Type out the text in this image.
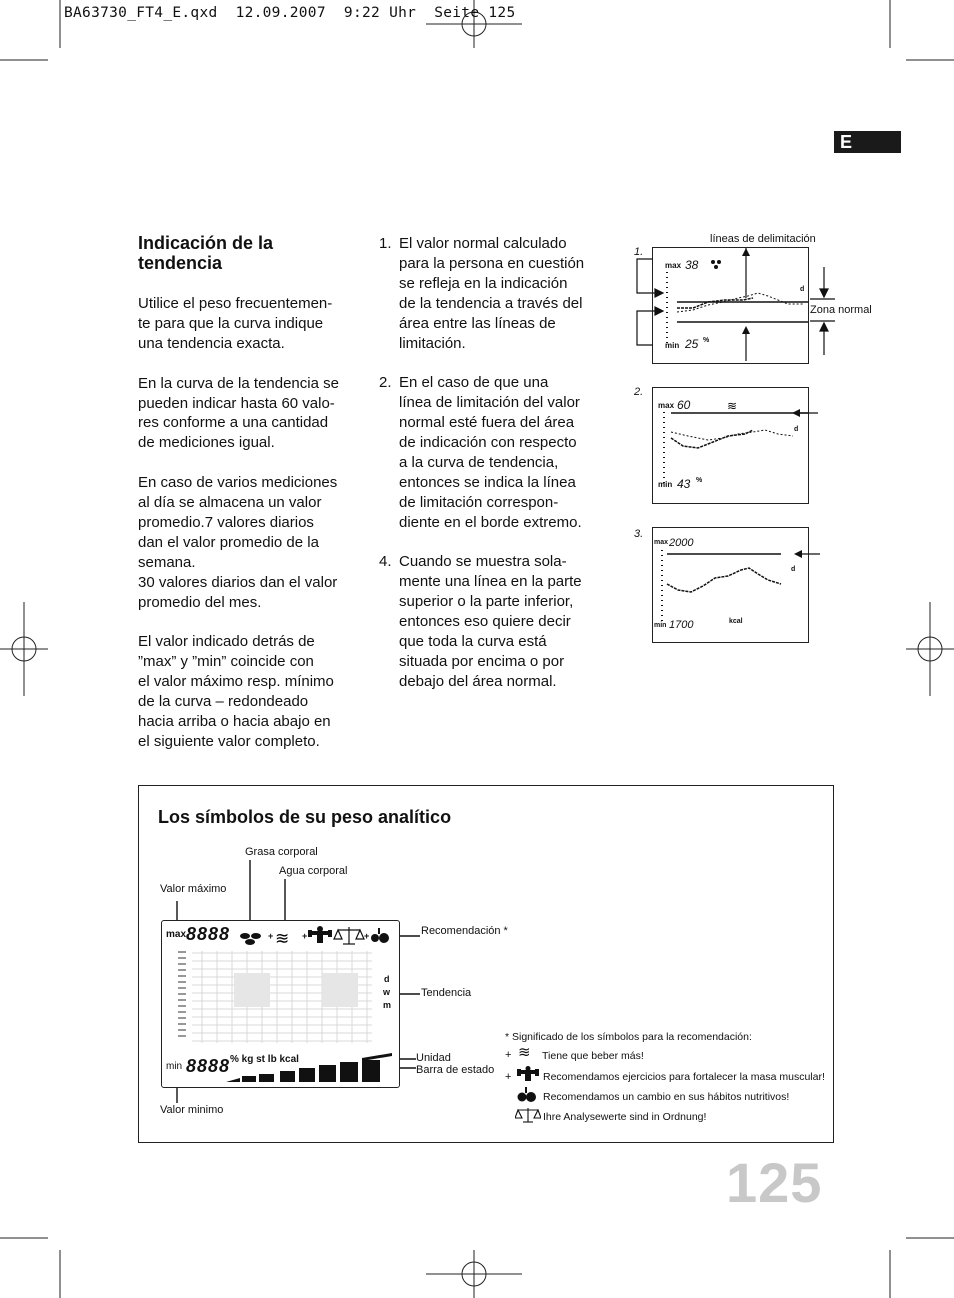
BA63730_FT4_E.qxd  12.09.2007  9:22 Uhr  Seite 125
E
Indicación de la
tendencia

Utilice el peso frecuentemen-
te para que la curva indique
una tendencia exacta.

En la curva de la tendencia se
pueden indicar hasta 60 valo-
res conforme a una cantidad
de mediciones igual.

En caso de varios mediciones
al día se almacena un valor
promedio.7 valores diarios
dan el valor promedio de la
semana.
30 valores diarios dan el valor
promedio del mes.

El valor indicado detrás de
”max” y ”min” coincide con
el valor máximo resp. mínimo
de la curva – redondeado
hacia arriba o hacia abajo en
el siguiente valor completo.

1. El valor normal calculado
para la persona en cuestión
se refleja en la indicación
de la tendencia a través del
área entre las líneas de
limitación.
2. En el caso de que una
línea de limitación del valor
normal esté fuera del área
de indicación con respecto
a la curva de tendencia,
entonces se indica la línea
de limitación correspon-
diente en el borde extremo.
4. Cuando se muestra sola-
mente una línea en la parte
superior o la parte inferior,
entonces eso quiere decir
que toda la curva está
situada por encima o por
debajo del área normal.
1.
líneas de delimitación
Zona normal
max 38
min 25 %
d
2.
max 60
min 43 %
d
≋
3.
max 2000
min 1700	kcal
d
Los símbolos de su peso analítico
Grasa corporal
Agua corporal
Valor máximo
Recomendación *
Tendencia
Unidad
Barra de estado
Valor minimo
max 8888
min 8888 % kg st lb kcal
+	+	+
d
w
m
≋
* Significado de los símbolos para la recomendación:
+ ≋ Tiene que beber más!
+	Recomendamos ejercicios para fortalecer la masa muscular!
Recomendamos un cambio en sus hábitos nutritivos!
Ihre Analysewerte sind in Ordnung!
125
